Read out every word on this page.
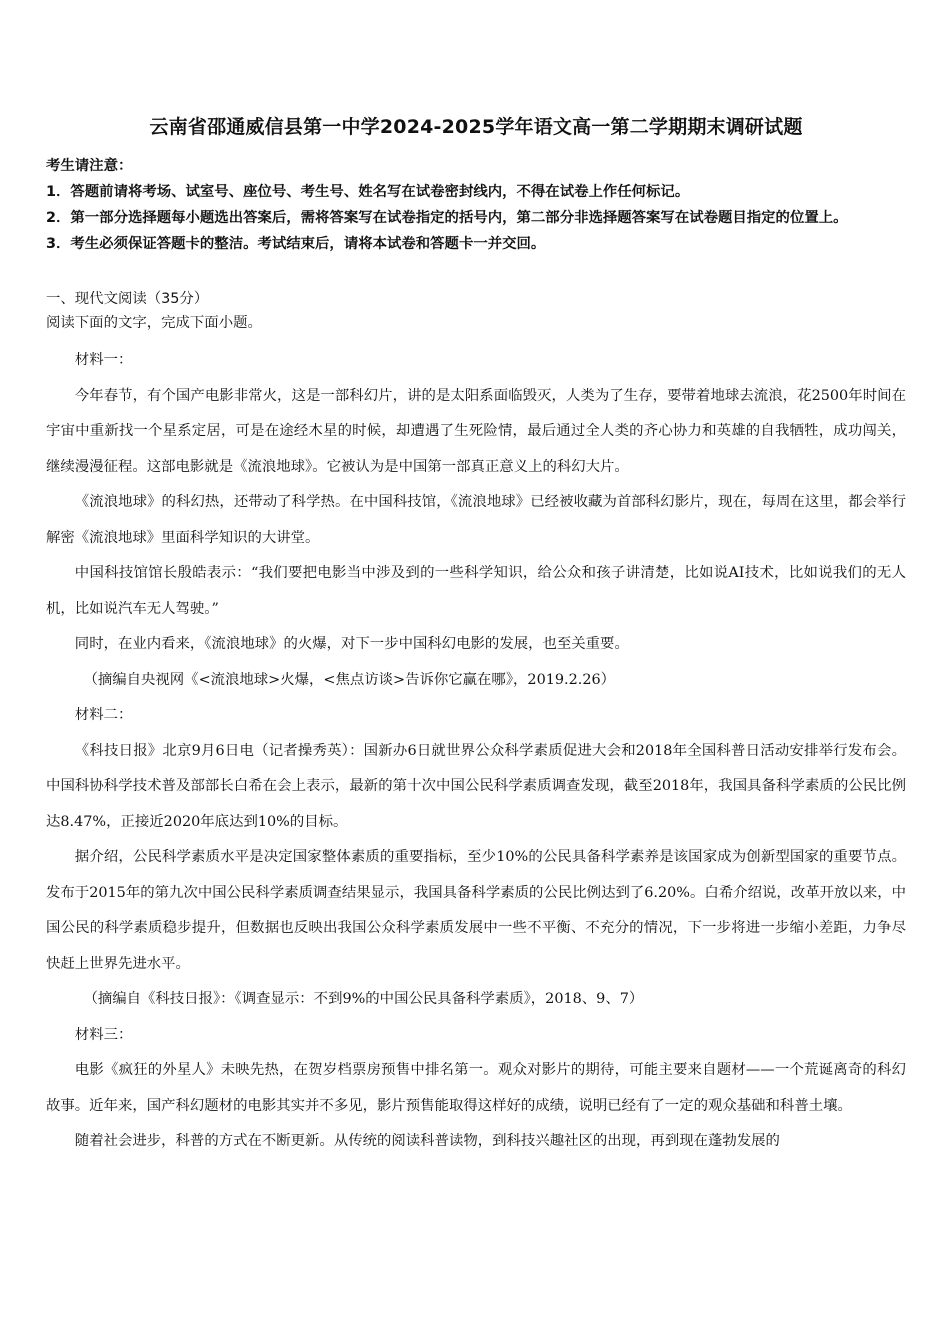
云南省邵通威信县第一中学2024-2025学年语文高一第二学期期末调研试题

考生请注意：

1．答题前请将考场、试室号、座位号、考生号、姓名写在试卷密封线内，不得在试卷上作任何标记。

2．第一部分选择题每小题选出答案后，需将答案写在试卷指定的括号内，第二部分非选择题答案写在试卷题目指定的位置上。

3．考生必须保证答题卡的整洁。考试结束后，请将本试卷和答题卡一并交回。

一、现代文阅读（35分）

阅读下面的文字，完成下面小题。

材料一：

今年春节，有个国产电影非常火，这是一部科幻片，讲的是太阳系面临毁灭，人类为了生存，要带着地球去流浪，花2500年时间在宇宙中重新找一个星系定居，可是在途经木星的时候，却遭遇了生死险情，最后通过全人类的齐心协力和英雄的自我牺牲，成功闯关，继续漫漫征程。这部电影就是《流浪地球》。它被认为是中国第一部真正意义上的科幻大片。

《流浪地球》的科幻热，还带动了科学热。在中国科技馆，《流浪地球》已经被收藏为首部科幻影片，现在，每周在这里，都会举行解密《流浪地球》里面科学知识的大讲堂。

中国科技馆馆长殷皓表示：“我们要把电影当中涉及到的一些科学知识，给公众和孩子讲清楚，比如说AI技术，比如说我们的无人机，比如说汽车无人驾驶。”

同时，在业内看来，《流浪地球》的火爆，对下一步中国科幻电影的发展，也至关重要。

（摘编自央视网《<流浪地球>火爆，<焦点访谈>告诉你它赢在哪》，2019.2.26）

材料二：

《科技日报》北京9月6日电（记者操秀英）：国新办6日就世界公众科学素质促进大会和2018年全国科普日活动安排举行发布会。中国科协科学技术普及部部长白希在会上表示，最新的第十次中国公民科学素质调查发现，截至2018年，我国具备科学素质的公民比例达8.47%，正接近2020年底达到10%的目标。

据介绍，公民科学素质水平是决定国家整体素质的重要指标，至少10%的公民具备科学素养是该国家成为创新型国家的重要节点。发布于2015年的第九次中国公民科学素质调查结果显示，我国具备科学素质的公民比例达到了6.20%。白希介绍说，改革开放以来，中国公民的科学素质稳步提升，但数据也反映出我国公众科学素质发展中一些不平衡、不充分的情况，下一步将进一步缩小差距，力争尽快赶上世界先进水平。

（摘编自《科技日报》：《调查显示：不到9%的中国公民具备科学素质》，2018、9、7）

材料三：

电影《疯狂的外星人》未映先热，在贺岁档票房预售中排名第一。观众对影片的期待，可能主要来自题材——一个荒诞离奇的科幻故事。近年来，国产科幻题材的电影其实并不多见，影片预售能取得这样好的成绩，说明已经有了一定的观众基础和科普土壤。

随着社会进步，科普的方式在不断更新。从传统的阅读科普读物，到科技兴趣社区的出现，再到现在蓬勃发展的
